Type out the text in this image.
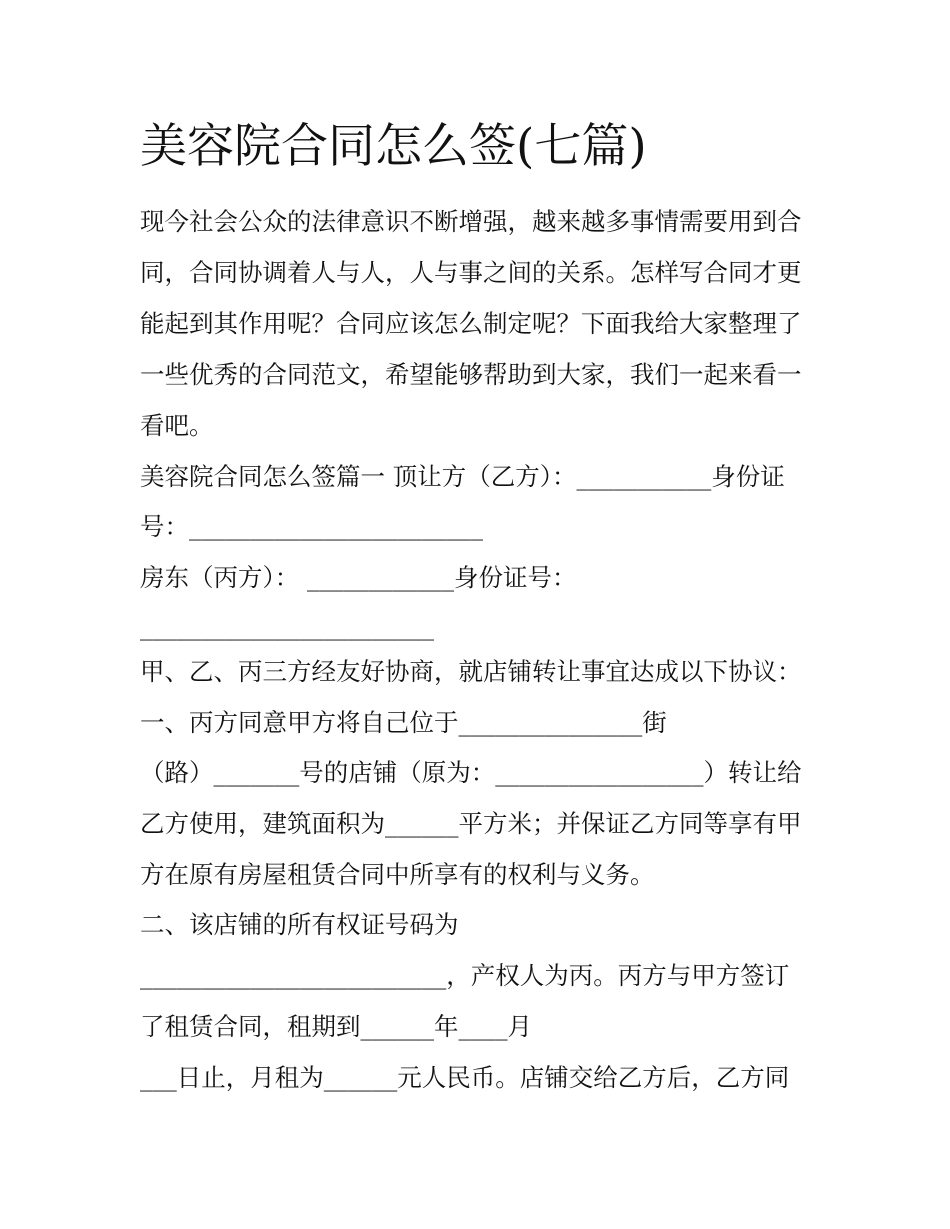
美容院合同怎么签(七篇)

现今社会公众的法律意识不断增强，越来越多事情需要用到合

同，合同协调着人与人，人与事之间的关系。怎样写合同才更

能起到其作用呢？合同应该怎么制定呢？下面我给大家整理了

一些优秀的合同范文，希望能够帮助到大家，我们一起来看一

看吧。

美容院合同怎么签篇一 顶让方（乙方）：___________身份证

号：________________________

房东（丙方）： ____________身份证号：

________________________

甲、乙、丙三方经友好协商，就店铺转让事宜达成以下协议：

一、丙方同意甲方将自己位于_______________街

（路）_______号的店铺（原为：_________________）转让给

乙方使用，建筑面积为______平方米；并保证乙方同等享有甲

方在原有房屋租赁合同中所享有的权利与义务。

二、该店铺的所有权证号码为

_________________________，产权人为丙。丙方与甲方签订

了租赁合同，租期到______年____月

___日止，月租为______元人民币。店铺交给乙方后，乙方同
